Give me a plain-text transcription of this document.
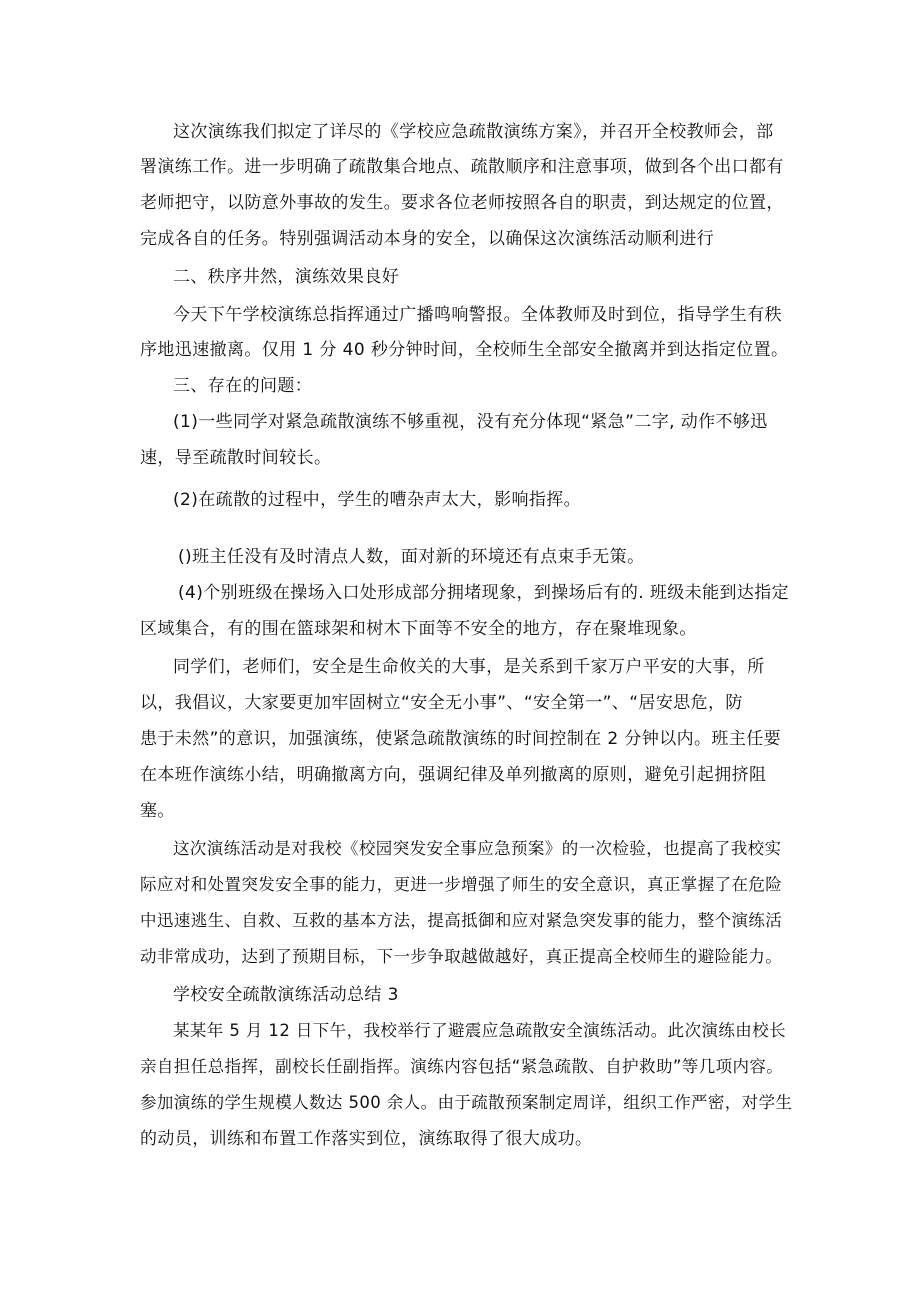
这次演练我们拟定了详尽的《学校应急疏散演练方案》，并召开全校教师会，部
署演练工作。进一步明确了疏散集合地点、疏散顺序和注意事项，做到各个出口都有
老师把守，以防意外事故的发生。要求各位老师按照各自的职责，到达规定的位置，
完成各自的任务。特别强调活动本身的安全，以确保这次演练活动顺利进行
二、秩序井然，演练效果良好
今天下午学校演练总指挥通过广播鸣响警报。全体教师及时到位，指导学生有秩
序地迅速撤离。仅用 1 分 40 秒分钟时间，全校师生全部安全撤离并到达指定位置。
三、存在的问题：
(1)一些同学对紧急疏散演练不够重视，没有充分体现“紧急”二字, 动作不够迅
速，导至疏散时间较长。
(2)在疏散的过程中，学生的嘈杂声太大，影响指挥。
()班主任没有及时清点人数，面对新的环境还有点束手无策。
(4)个别班级在操场入口处形成部分拥堵现象，到操场后有的. 班级未能到达指定
区域集合，有的围在篮球架和树木下面等不安全的地方，存在聚堆现象。
同学们，老师们，安全是生命攸关的大事，是关系到千家万户平安的大事，所
以，我倡议，大家要更加牢固树立“安全无小事”、“安全第一”、“居安思危，防
患于未然”的意识，加强演练，使紧急疏散演练的时间控制在 2 分钟以内。班主任要
在本班作演练小结，明确撤离方向，强调纪律及单列撤离的原则，避免引起拥挤阻
塞。
这次演练活动是对我校《校园突发安全事应急预案》的一次检验，也提高了我校实
际应对和处置突发安全事的能力，更进一步增强了师生的安全意识，真正掌握了在危险
中迅速逃生、自救、互救的基本方法，提高抵御和应对紧急突发事的能力，整个演练活
动非常成功，达到了预期目标，下一步争取越做越好，真正提高全校师生的避险能力。
学校安全疏散演练活动总结 3
某某年 5 月 12 日下午，我校举行了避震应急疏散安全演练活动。此次演练由校长
亲自担任总指挥，副校长任副指挥。演练内容包括“紧急疏散、自护救助”等几项内容。
参加演练的学生规模人数达 500 余人。由于疏散预案制定周详，组织工作严密，对学生
的动员，训练和布置工作落实到位，演练取得了很大成功。
